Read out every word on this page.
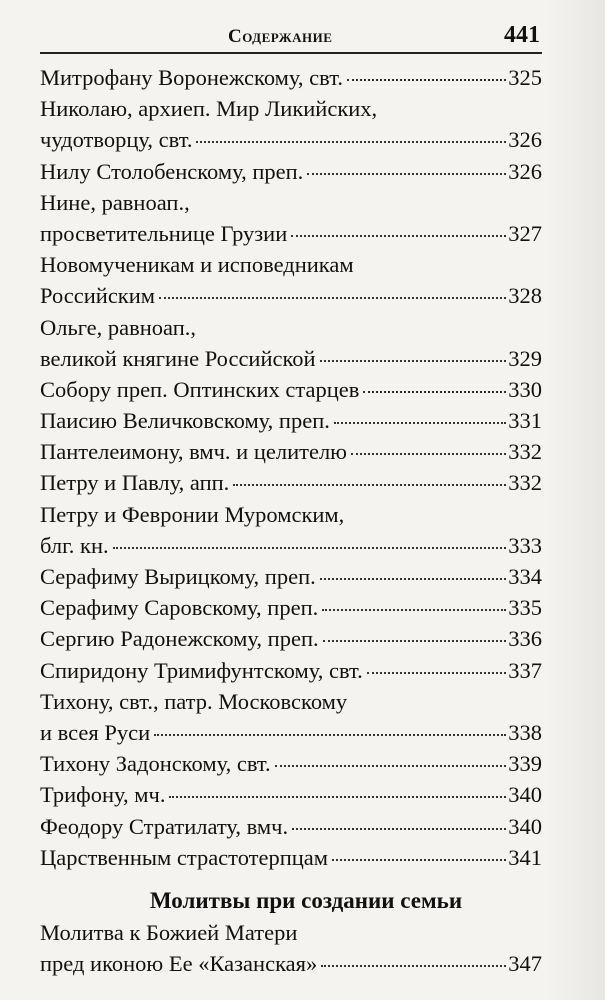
Содержание	441
Митрофану Воронежскому, свт.	325
Николаю, архиеп. Мир Ликийских,
чудотворцу, свт.	326
Нилу Столобенскому, преп.	326
Нине, равноап.,
просветительнице Грузии	327
Новомученикам и исповедникам
Российским	328
Ольге, равноап.,
великой княгине Российской	329
Собору преп. Оптинских старцев	330
Паисию Величковскому, преп.	331
Пантелеимону, вмч. и целителю	332
Петру и Павлу, апп.	332
Петру и Февронии Муромским,
блг. кн.	333
Серафиму Вырицкому, преп.	334
Серафиму Саровскому, преп.	335
Сергию Радонежскому, преп.	336
Спиридону Тримифунтскому, свт.	337
Тихону, свт., патр. Московскому
и всея Руси	338
Тихону Задонскому, свт.	339
Трифону, мч.	340
Феодору Стратилату, вмч.	340
Царственным страстотерпцам	341
Молитвы при создании семьи
Молитва к Божией Матери
пред иконою Ее «Казанская»	347
